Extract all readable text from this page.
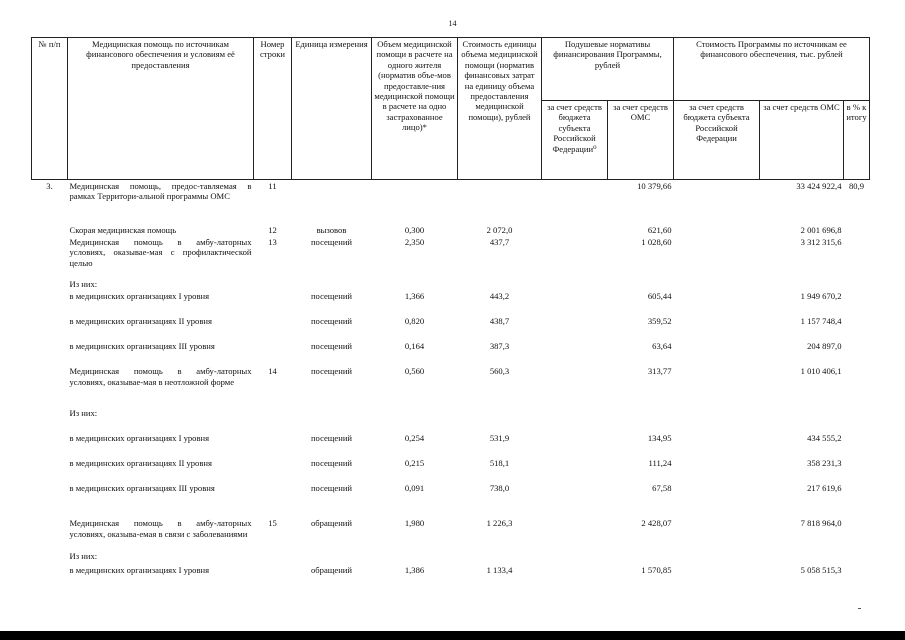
14
№ п/п	Медицинская помощь по источникам финансового обеспечения и условиям её предоставления	Номер строки	Единица измерения	Объем медицинской помощи в расчете на одного жителя (норматив объе-мов предоставле-ния медицинской помощи в расчете на одно застрахованное лицо)*	Стоимость единицы объема медицинской помощи (норматив финансовых затрат на единицу объема предоставления медицинской помощи), рублей	Подушевые нормативы финансирования Программы, рублей		Стоимость Программы по источникам ее финансового обеспечения, тыс. рублей		
						за счет средств бюджета субъекта Российской Федерации⁰	за счет средств ОМС	за счет средств бюджета субъекта Российской Федерации	за счет средств ОМС	в % к итогу
3.	Медицинская помощь, предос-тавляемая в рамках Территори-альной программы ОМС	11					10 379,66		33 424 922,4	80,9
	Скорая медицинская помощь	12	вызовов	0,300	2 072,0		621,60		2 001 696,8	
	Медицинская помощь в амбу-латорных условиях, оказывае-мая с профилактической целью	13	посещений	2,350	437,7		1 028,60		3 312 315,6	
	Из них:									
	в медицинских организациях I уровня		посещений	1,366	443,2		605,44		1 949 670,2	
	в медицинских организациях II уровня		посещений	0,820	438,7		359,52		1 157 748,4	
	в медицинских организациях III уровня		посещений	0,164	387,3		63,64		204 897,0	
	Медицинская помощь в амбу-латорных условиях, оказывае-мая в неотложной форме	14	посещений	0,560	560,3		313,77		1 010 406,1	
	Из них:									
	в медицинских организациях I уровня		посещений	0,254	531,9		134,95		434 555,2	
	в медицинских организациях II уровня		посещений	0,215	518,1		111,24		358 231,3	
	в медицинских организациях III уровня		посещений	0,091	738,0		67,58		217 619,6	
	Медицинская помощь в амбу-латорных условиях, оказыва-емая в связи с заболеваниями	15	обращений	1,980	1 226,3		2 428,07		7 818 964,0	
	Из них:									
	в медицинских организациях I уровня		обращений	1,386	1 133,4		1 570,85		5 058 515,3	
